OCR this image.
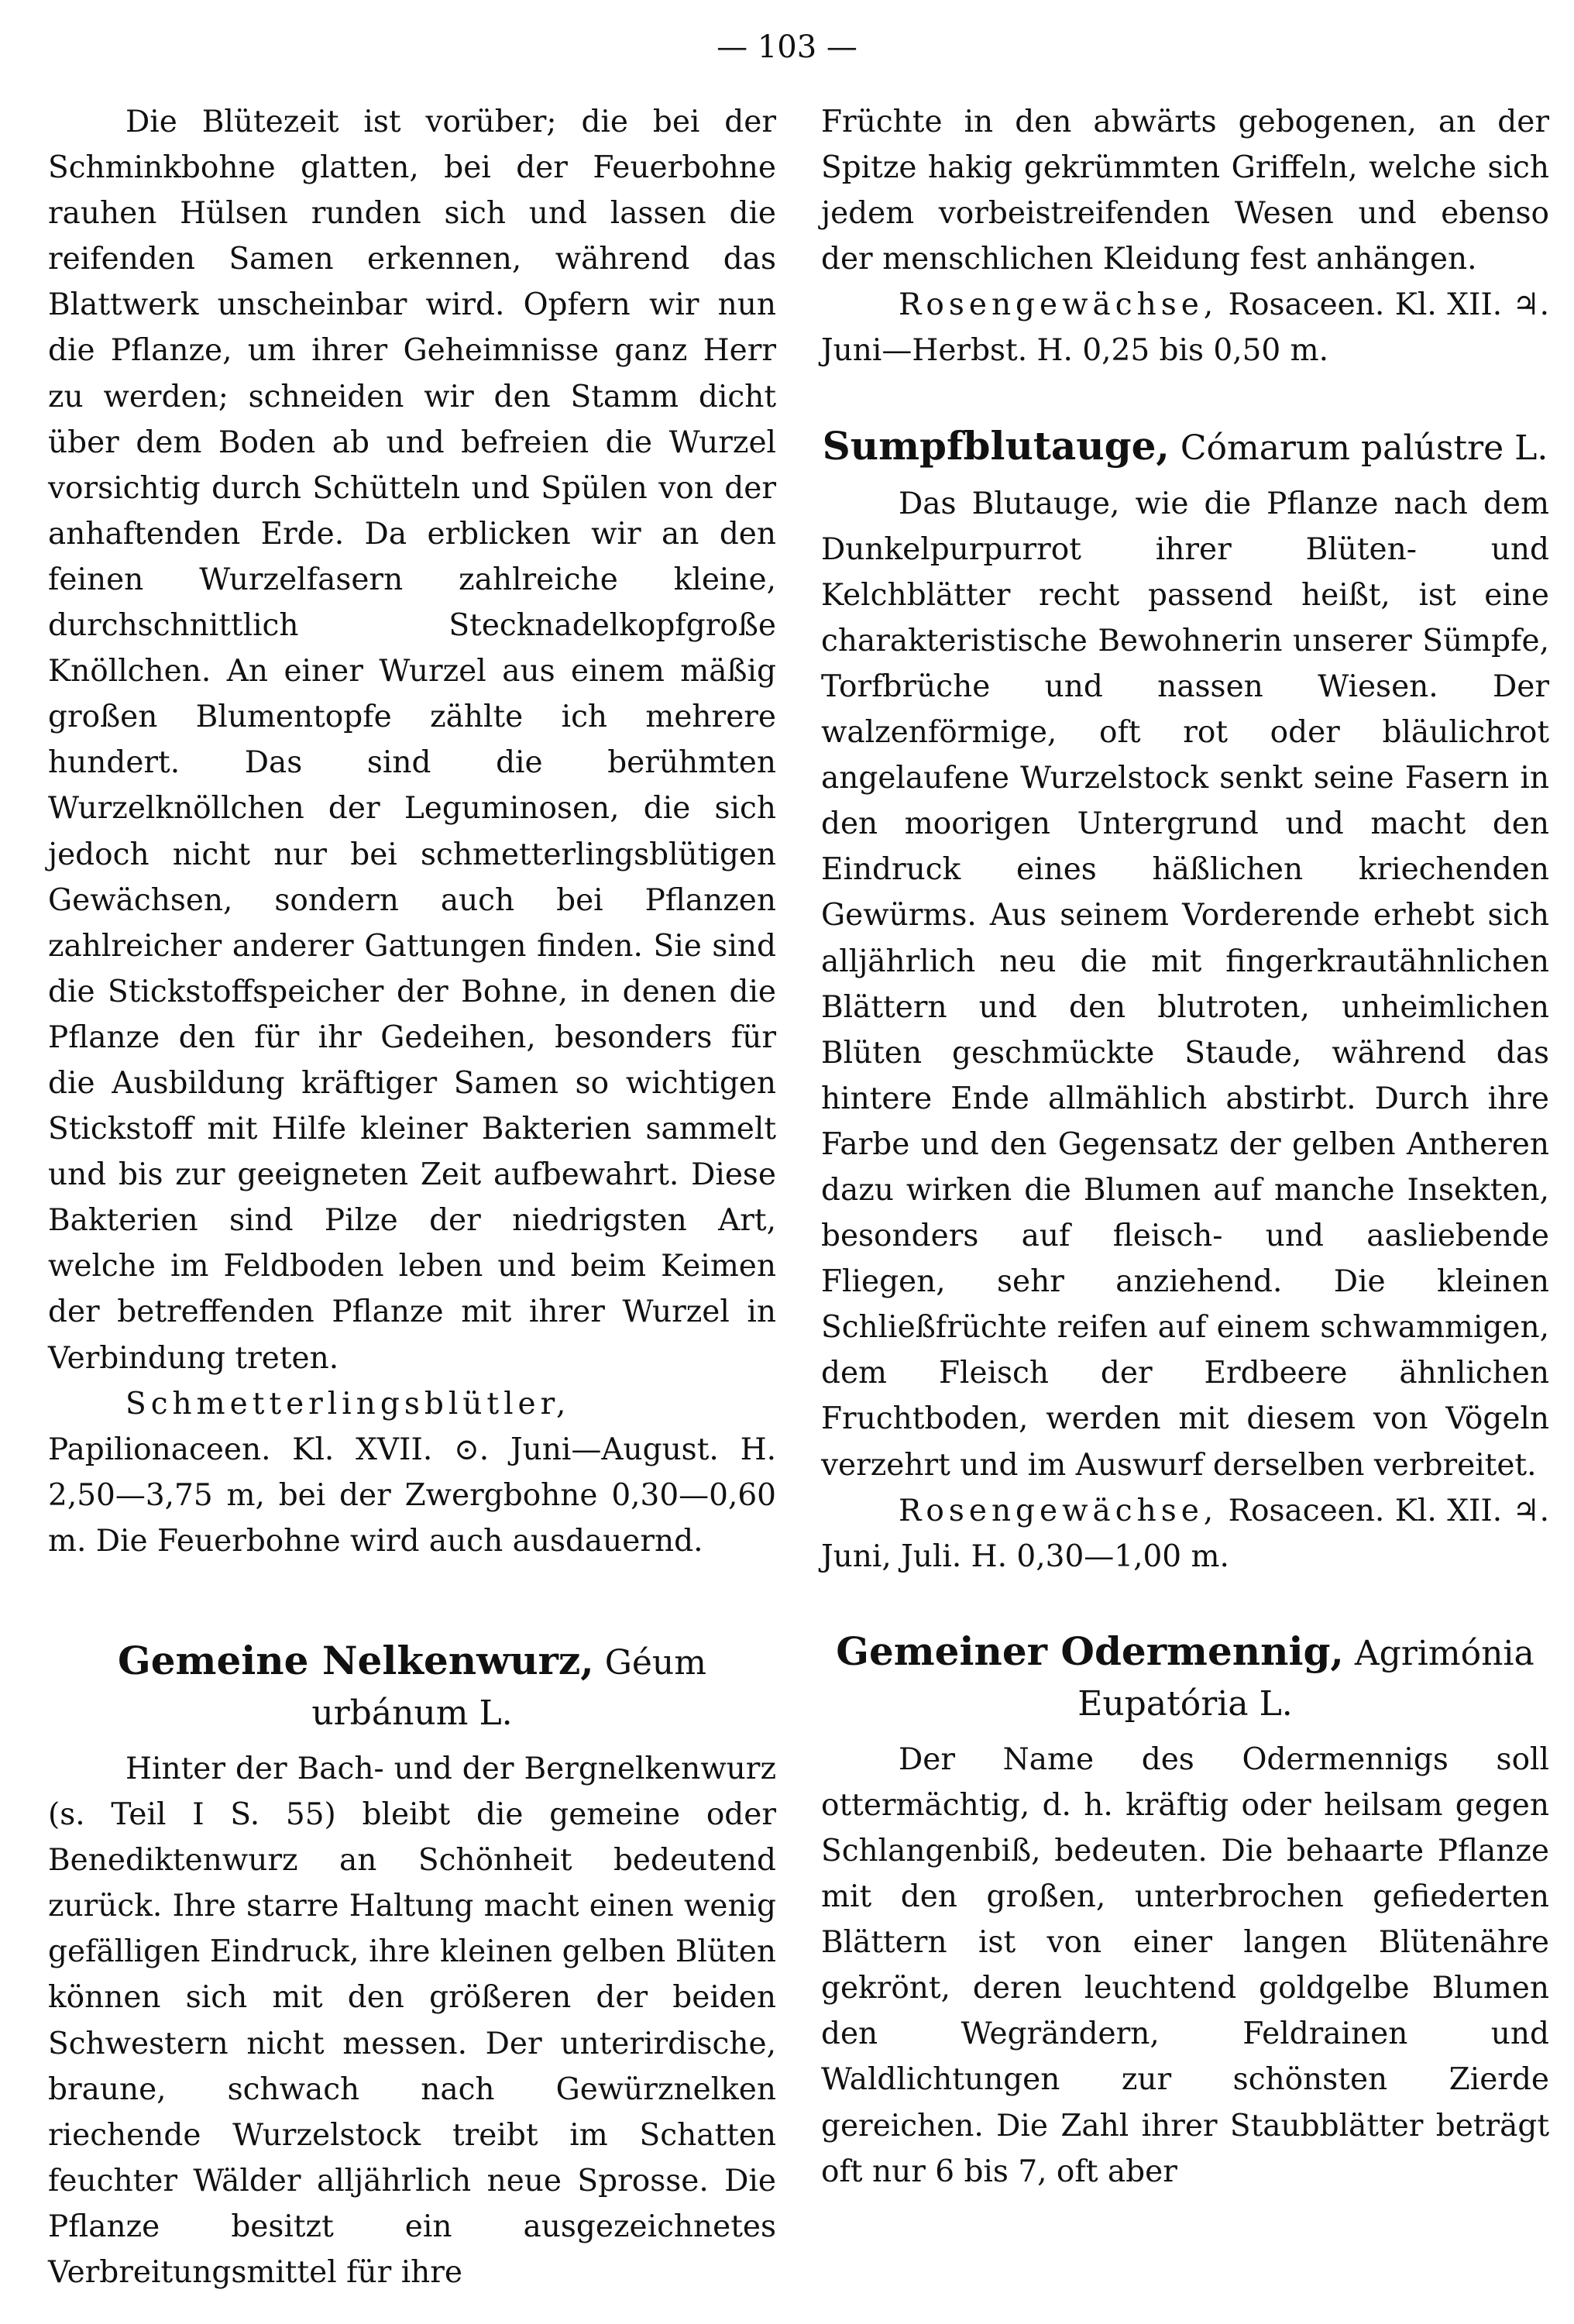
— 103 —

Die Blütezeit ist vorüber; die bei der Schminkbohne glatten, bei der Feuerbohne rauhen Hülsen runden sich und lassen die reifenden Samen erkennen, während das Blattwerk unscheinbar wird. Opfern wir nun die Pflanze, um ihrer Geheimnisse ganz Herr zu werden; schneiden wir den Stamm dicht über dem Boden ab und befreien die Wurzel vorsichtig durch Schütteln und Spülen von der anhaftenden Erde. Da erblicken wir an den feinen Wurzelfasern zahlreiche kleine, durchschnittlich Stecknadelkopfgroße Knöllchen. An einer Wurzel aus einem mäßig großen Blumentopfe zählte ich mehrere hundert. Das sind die berühmten Wurzelknöllchen der Leguminosen, die sich jedoch nicht nur bei schmetterlingsblütigen Gewächsen, sondern auch bei Pflanzen zahlreicher anderer Gattungen finden. Sie sind die Stickstoffspeicher der Bohne, in denen die Pflanze den für ihr Gedeihen, besonders für die Ausbildung kräftiger Samen so wichtigen Stickstoff mit Hilfe kleiner Bakterien sammelt und bis zur geeigneten Zeit aufbewahrt. Diese Bakterien sind Pilze der niedrigsten Art, welche im Feldboden leben und beim Keimen der betreffenden Pflanze mit ihrer Wurzel in Verbindung treten.

Schmetterlingsblütler, Papilionaceen. Kl. XVII. ⊙. Juni—August. H. 2,50—3,75 m, bei der Zwergbohne 0,30—0,60 m. Die Feuerbohne wird auch ausdauernd.

Gemeine Nelkenwurz, Géum
urbánum L.

Hinter der Bach- und der Bergnelkenwurz (s. Teil I S. 55) bleibt die gemeine oder Benediktenwurz an Schönheit bedeutend zurück. Ihre starre Haltung macht einen wenig gefälligen Eindruck, ihre kleinen gelben Blüten können sich mit den größeren der beiden Schwestern nicht messen. Der unterirdische, braune, schwach nach Gewürznelken riechende Wurzelstock treibt im Schatten feuchter Wälder alljährlich neue Sprosse. Die Pflanze besitzt ein ausgezeichnetes Verbreitungsmittel für ihre

Früchte in den abwärts gebogenen, an der Spitze hakig gekrümmten Griffeln, welche sich jedem vorbeistreifenden Wesen und ebenso der menschlichen Kleidung fest anhängen.

Rosengewächse, Rosaceen. Kl. XII. ♃. Juni—Herbst. H. 0,25 bis 0,50 m.

Sumpfblutauge, Cómarum palústre L.

Das Blutauge, wie die Pflanze nach dem Dunkelpurpurrot ihrer Blüten- und Kelchblätter recht passend heißt, ist eine charakteristische Bewohnerin unserer Sümpfe, Torfbrüche und nassen Wiesen. Der walzenförmige, oft rot oder bläulichrot angelaufene Wurzelstock senkt seine Fasern in den moorigen Untergrund und macht den Eindruck eines häßlichen kriechenden Gewürms. Aus seinem Vorderende erhebt sich alljährlich neu die mit fingerkrautähnlichen Blättern und den blutroten, unheimlichen Blüten geschmückte Staude, während das hintere Ende allmählich abstirbt. Durch ihre Farbe und den Gegensatz der gelben Antheren dazu wirken die Blumen auf manche Insekten, besonders auf fleisch- und aasliebende Fliegen, sehr anziehend. Die kleinen Schließfrüchte reifen auf einem schwammigen, dem Fleisch der Erdbeere ähnlichen Fruchtboden, werden mit diesem von Vögeln verzehrt und im Auswurf derselben verbreitet.

Rosengewächse, Rosaceen. Kl. XII. ♃. Juni, Juli. H. 0,30—1,00 m.

Gemeiner Odermennig, Agrimónia
Eupatória L.

Der Name des Odermennigs soll ottermächtig, d. h. kräftig oder heilsam gegen Schlangenbiß, bedeuten. Die behaarte Pflanze mit den großen, unterbrochen gefiederten Blättern ist von einer langen Blütenähre gekrönt, deren leuchtend goldgelbe Blumen den Wegrändern, Feldrainen und Waldlichtungen zur schönsten Zierde gereichen. Die Zahl ihrer Staubblätter beträgt oft nur 6 bis 7, oft aber
